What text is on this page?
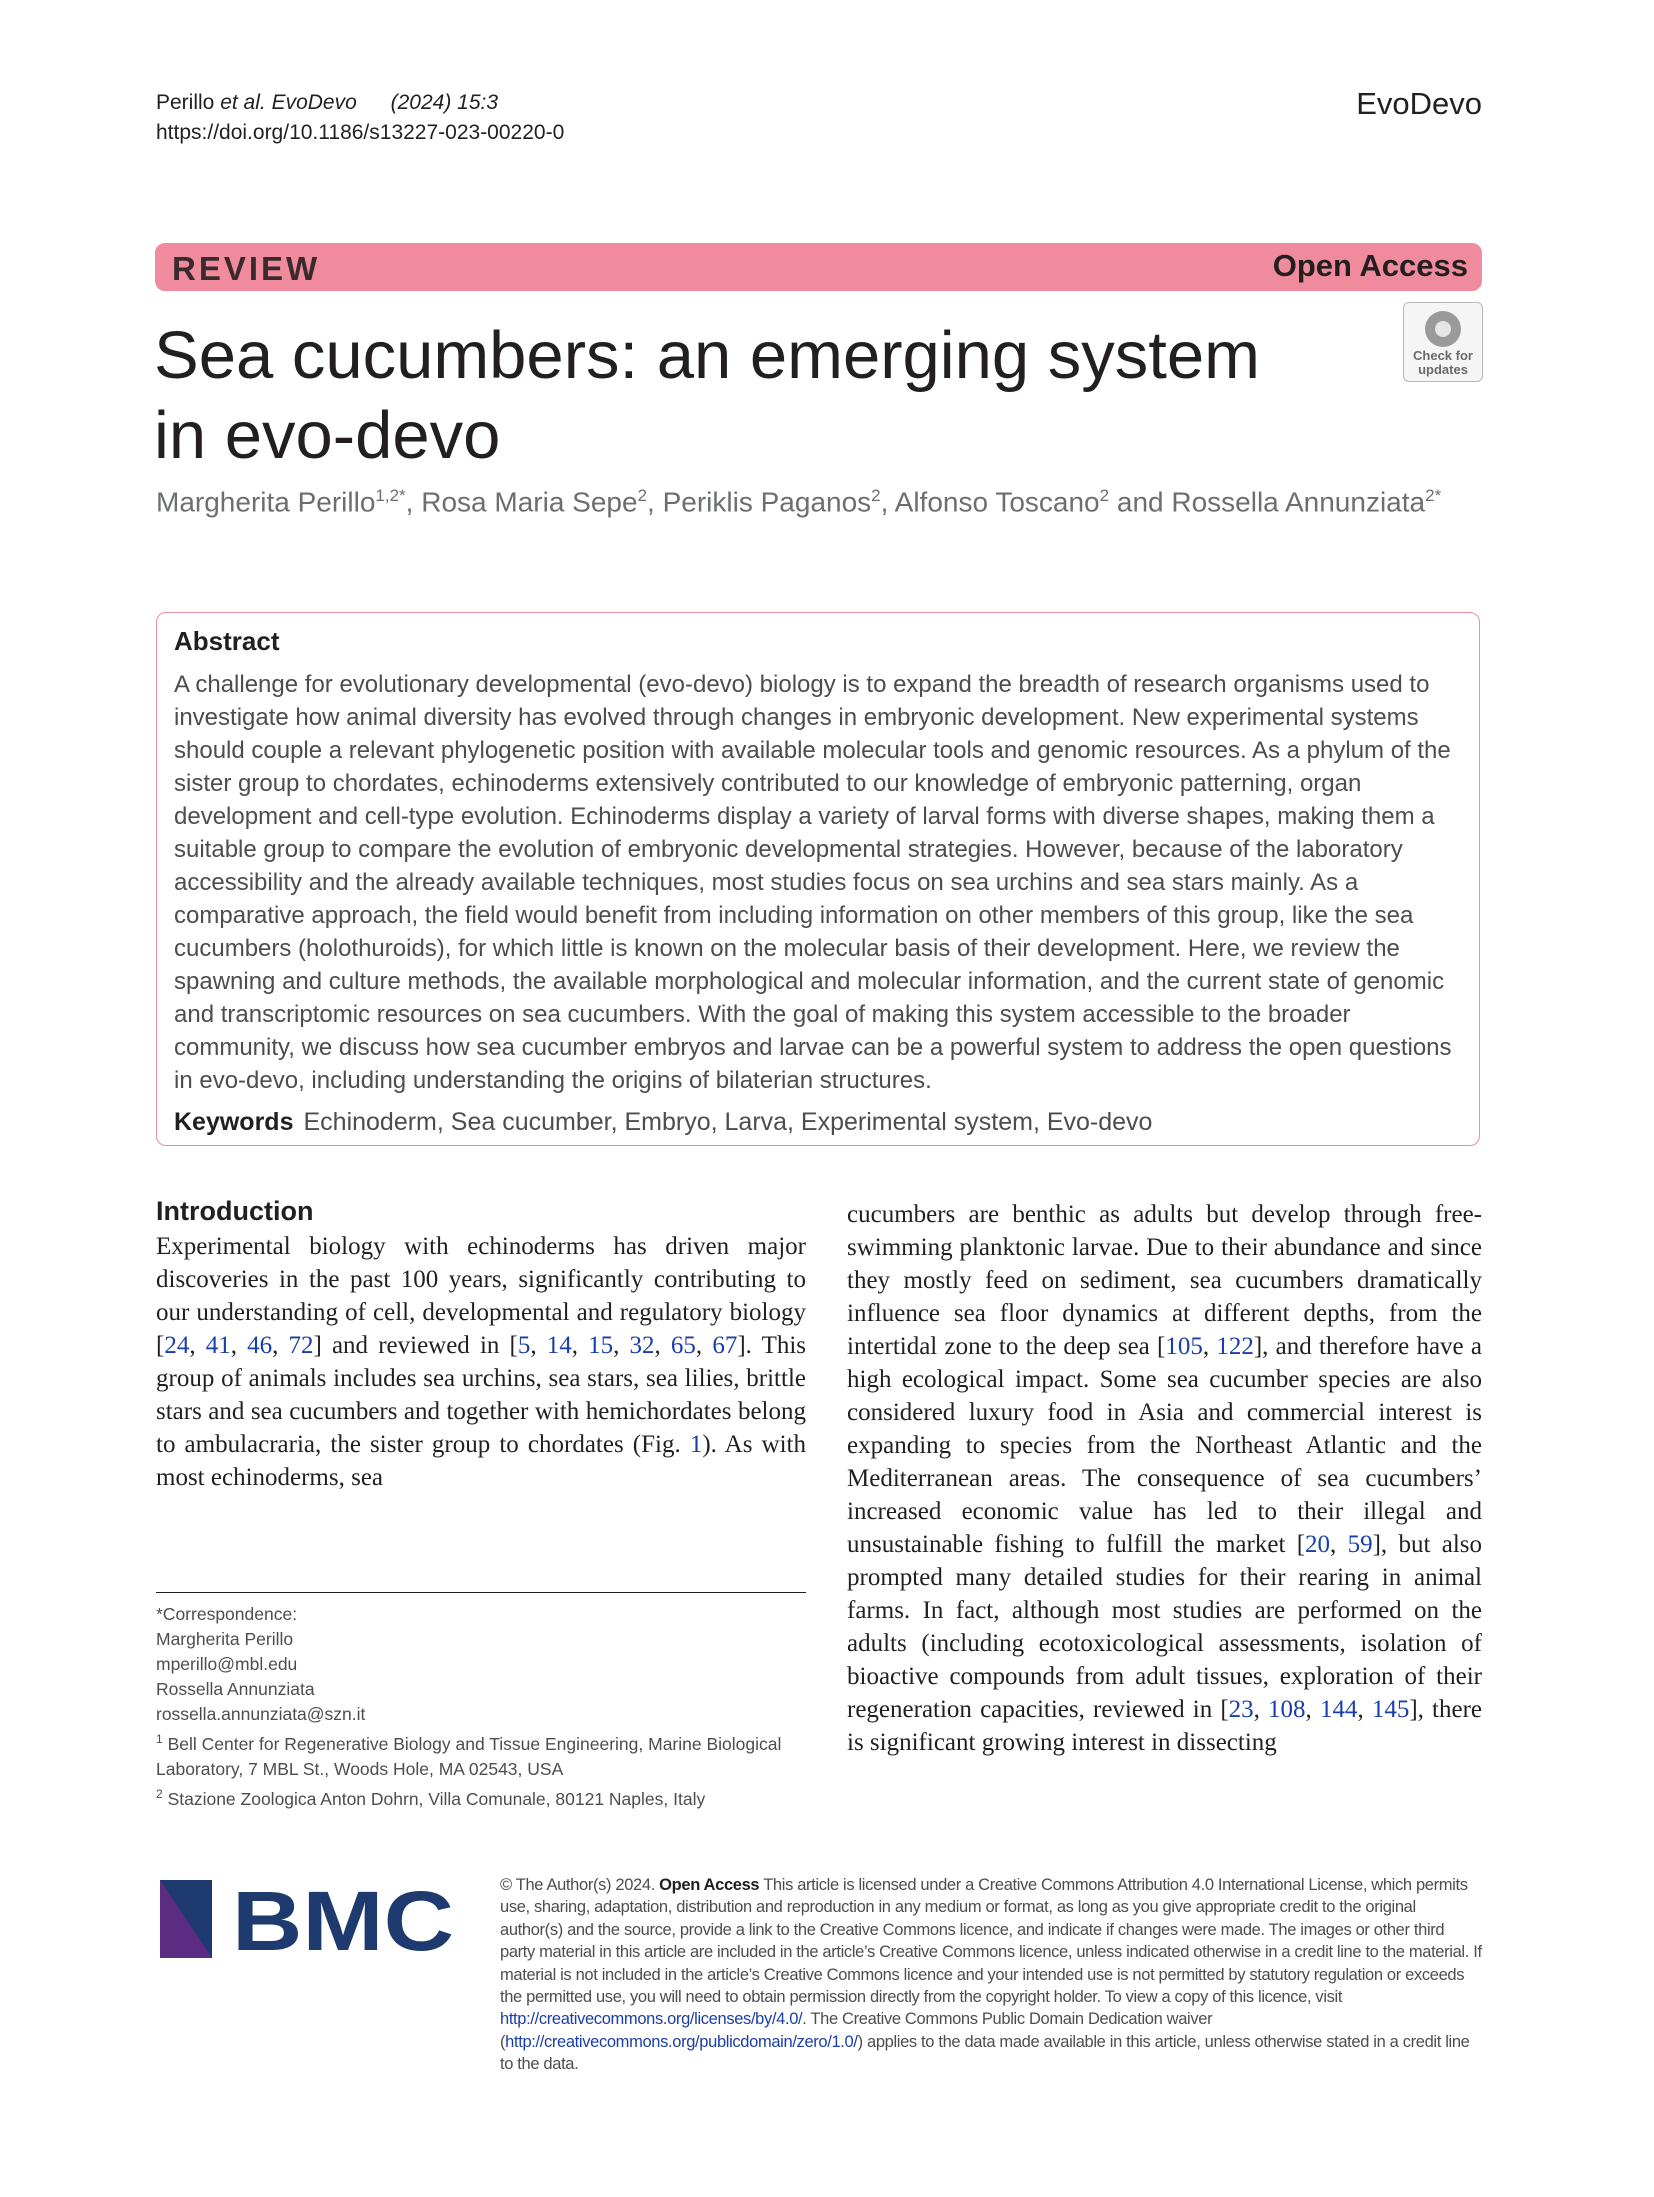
Perillo et al. EvoDevo (2024) 15:3
https://doi.org/10.1186/s13227-023-00220-0
EvoDevo
REVIEW	Open Access
Check for
updates
Sea cucumbers: an emerging system
in evo-devo
Margherita Perillo$^{1,2*}$, Rosa Maria Sepe$^2$, Periklis Paganos$^2$, Alfonso Toscano$^2$ and Rossella Annunziata$^{2*}$
Abstract
A challenge for evolutionary developmental (evo-devo) biology is to expand the breadth of research organisms used to investigate how animal diversity has evolved through changes in embryonic development. New experimental systems should couple a relevant phylogenetic position with available molecular tools and genomic resources. As a phylum of the sister group to chordates, echinoderms extensively contributed to our knowledge of embryonic patterning, organ development and cell-type evolution. Echinoderms display a variety of larval forms with diverse shapes, making them a suitable group to compare the evolution of embryonic developmental strategies. However, because of the laboratory accessibility and the already available techniques, most studies focus on sea urchins and sea stars mainly. As a comparative approach, the field would benefit from including information on other members of this group, like the sea cucumbers (holothuroids), for which little is known on the molecular basis of their development. Here, we review the spawning and culture methods, the available morphological and molecular information, and the current state of genomic and transcriptomic resources on sea cucumbers. With the goal of making this system accessible to the broader community, we discuss how sea cucumber embryos and larvae can be a powerful system to address the open questions in evo-devo, including understanding the origins of bilaterian structures.
Keywords Echinoderm, Sea cucumber, Embryo, Larva, Experimental system, Evo-devo
Introduction
Experimental biology with echinoderms has driven major discoveries in the past 100 years, significantly contributing to our understanding of cell, developmental and regulatory biology [24, 41, 46, 72] and reviewed in [5, 14, 15, 32, 65, 67]. This group of animals includes sea urchins, sea stars, sea lilies, brittle stars and sea cucumbers and together with hemichordates belong to ambulacraria, the sister group to chordates (Fig. 1). As with most echinoderms, sea
cucumbers are benthic as adults but develop through free-swimming planktonic larvae. Due to their abundance and since they mostly feed on sediment, sea cucumbers dramatically influence sea floor dynamics at different depths, from the intertidal zone to the deep sea [105, 122], and therefore have a high ecological impact. Some sea cucumber species are also considered luxury food in Asia and commercial interest is expanding to species from the Northeast Atlantic and the Mediterranean areas. The consequence of sea cucumbers’ increased economic value has led to their illegal and unsustainable fishing to fulfill the market [20, 59], but also prompted many detailed studies for their rearing in animal farms. In fact, although most studies are performed on the adults (including ecotoxicological assessments, isolation of bioactive compounds from adult tissues, exploration of their regeneration capacities, reviewed in [23, 108, 144, 145], there is significant growing interest in dissecting
*Correspondence:
Margherita Perillo
mperillo@mbl.edu
Rossella Annunziata
rossella.annunziata@szn.it
$^1$ Bell Center for Regenerative Biology and Tissue Engineering, Marine Biological Laboratory, 7 MBL St., Woods Hole, MA 02543, USA
$^2$ Stazione Zoologica Anton Dohrn, Villa Comunale, 80121 Naples, Italy
BMC	© The Author(s) 2024. Open Access This article is licensed under a Creative Commons Attribution 4.0 International License, which permits use, sharing, adaptation, distribution and reproduction in any medium or format, as long as you give appropriate credit to the original author(s) and the source, provide a link to the Creative Commons licence, and indicate if changes were made. The images or other third party material in this article are included in the article’s Creative Commons licence, unless indicated otherwise in a credit line to the material. If material is not included in the article’s Creative Commons licence and your intended use is not permitted by statutory regulation or exceeds the permitted use, you will need to obtain permission directly from the copyright holder. To view a copy of this licence, visit http://creativecommons.org/licenses/by/4.0/. The Creative Commons Public Domain Dedication waiver (http://creativecommons.org/publicdomain/zero/1.0/) applies to the data made available in this article, unless otherwise stated in a credit line to the data.
